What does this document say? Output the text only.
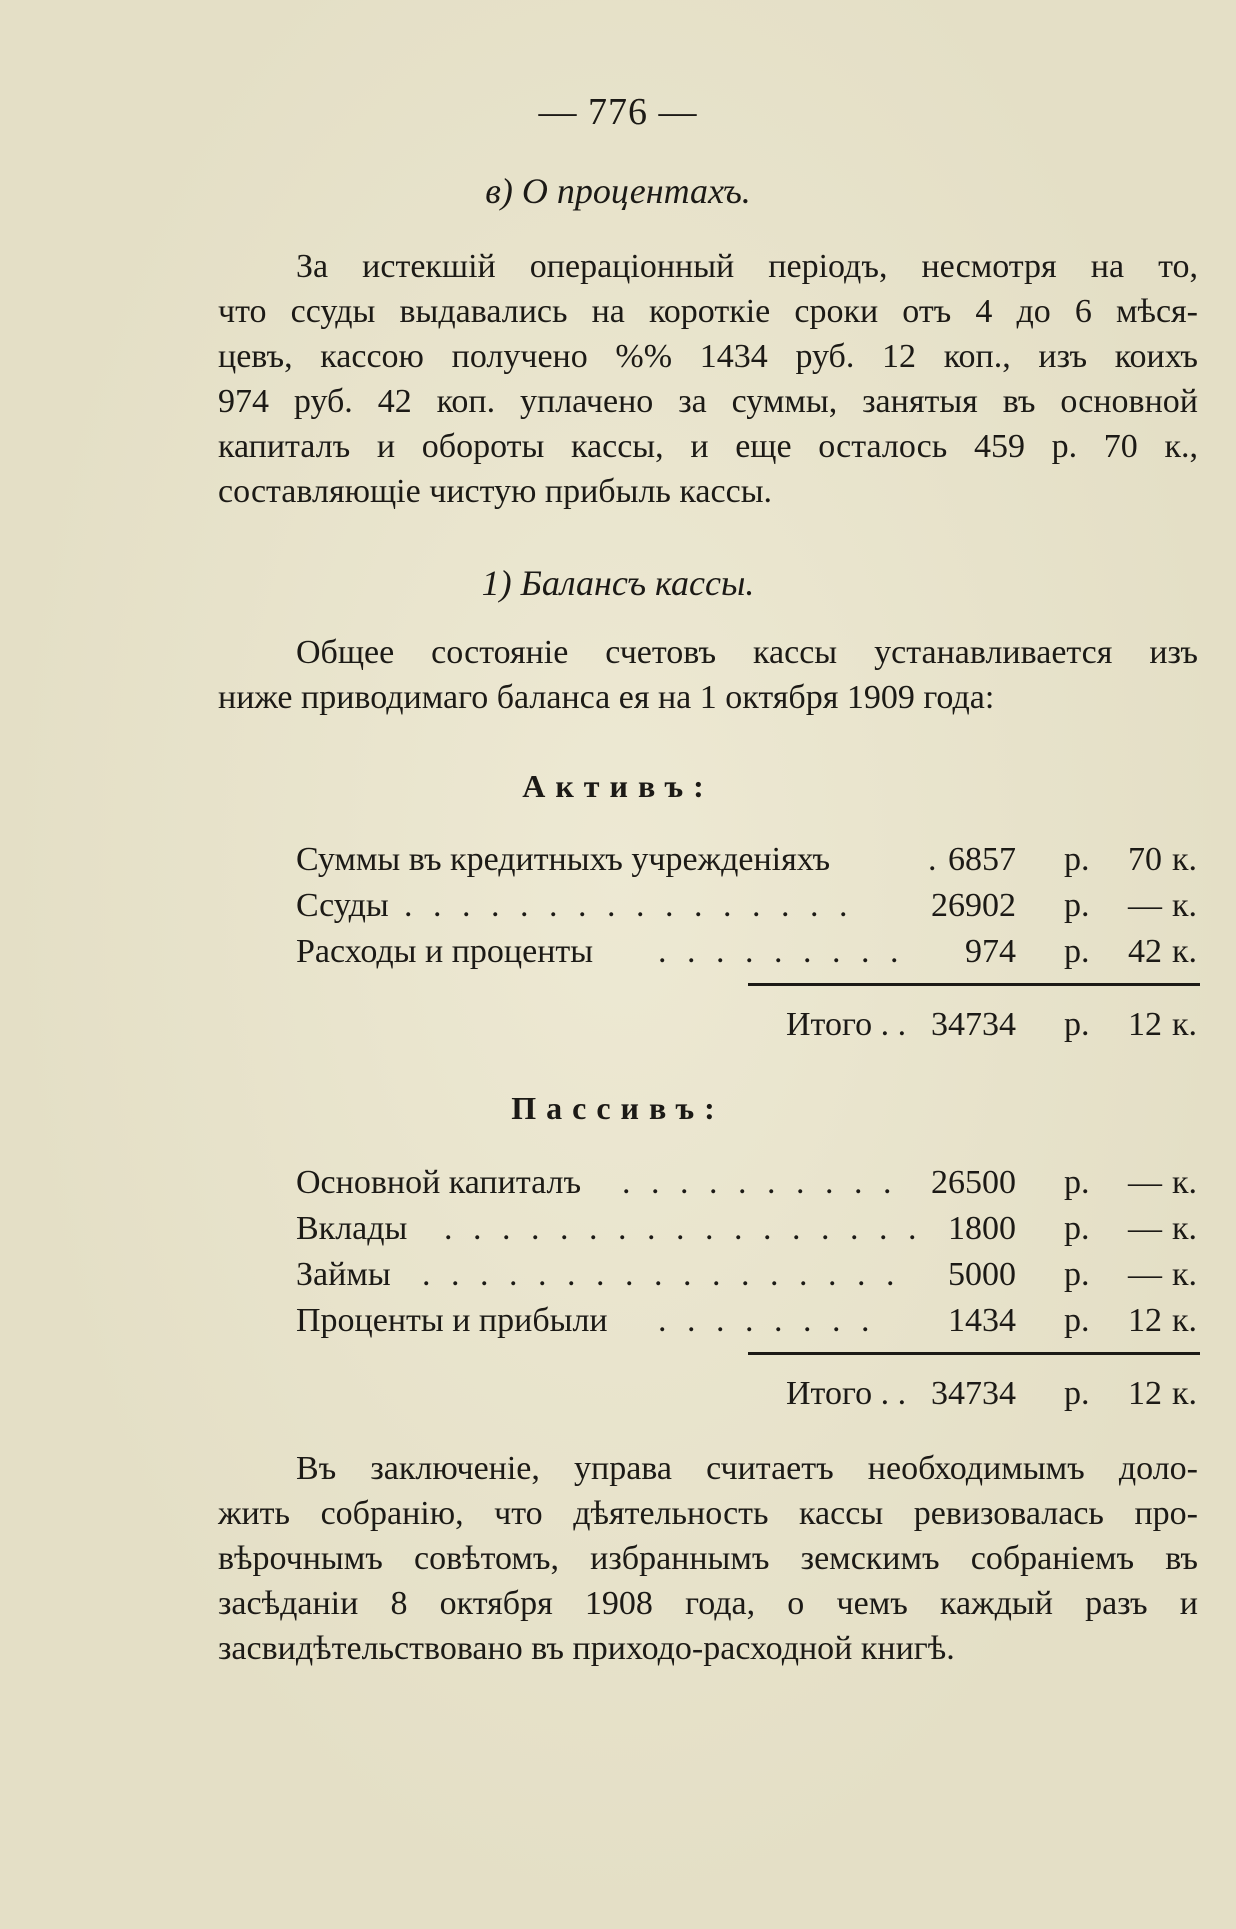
— 776 —
в) О процентахъ.
За истекшій операціонный періодъ, несмотря на то,
что ссуды выдавались на короткіе сроки отъ 4 до 6 мѣся-
цевъ, кассою получено %% 1434 руб. 12 коп., изъ коихъ
974 руб. 42 коп. уплачено за суммы, занятыя въ основной
капиталъ и обороты кассы, и еще осталось 459 р. 70 к.,
составляющіе чистую прибыль кассы.
1) Балансъ кассы.
Общее состояніе счетовъ кассы устанавливается изъ
ниже приводимаго баланса ея на 1 октября 1909 года:
Активъ:
Суммы въ кредитныхъ учрежденіяхъ	. 6857 р.	70 к.
Ссуды . . . . . . . . . . . . . . . .	26902 р.	— к.
Расходы и проценты . . . . . . . . .	974 р.	42 к.
Итого . . 34734 р.	12 к.
Пассивъ:
Основной капиталъ . . . . . . . . . . 26500 р.	— к.
Вклады . . . . . . . . . . . . . . . . . 1800 р.	— к.
Займы . . . . . . . . . . . . . . . . .	5000 р.	— к.
Проценты и прибыли . . . . . . . .	1434 р.	12 к.
Итого . . 34734 р.	12 к.
Въ заключеніе, управа считаетъ необходимымъ доло-
жить собранію, что дѣятельность кассы ревизовалась про-
вѣрочнымъ совѣтомъ, избраннымъ земскимъ собраніемъ въ
засѣданіи 8 октября 1908 года, о чемъ каждый разъ и
засвидѣтельствовано въ приходо-расходной книгѣ.
